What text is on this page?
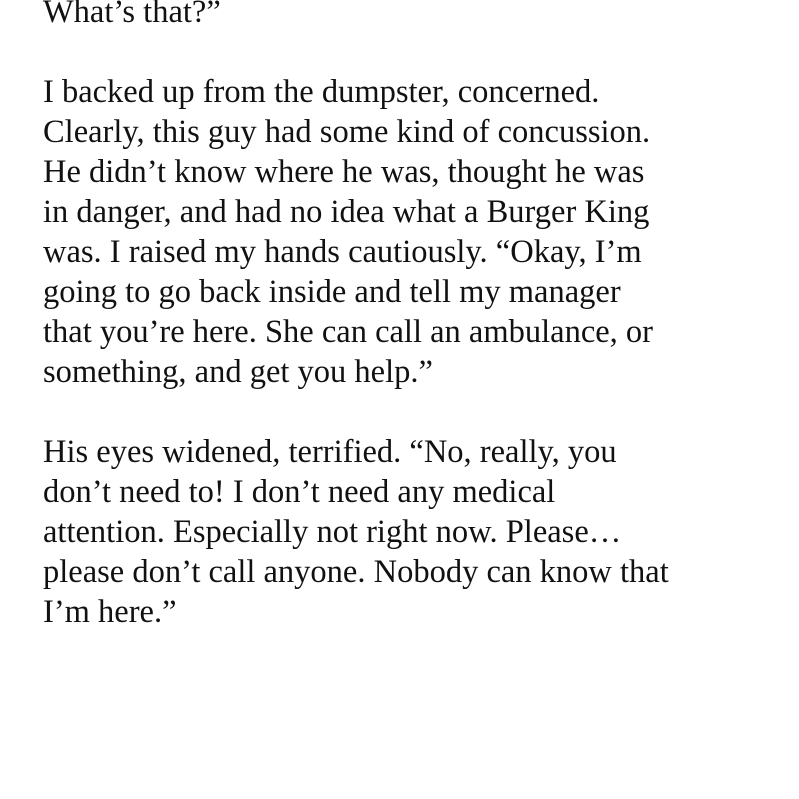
What’s that?”
I backed up from the dumpster, concerned.
Clearly, this guy had some kind of concussion.
He didn’t know where he was, thought he was
in danger, and had no idea what a Burger King
was. I raised my hands cautiously. “Okay, I’m
going to go back inside and tell my manager
that you’re here. She can call an ambulance, or
something, and get you help.”
His eyes widened, terrified. “No, really, you
don’t need to! I don’t need any medical
attention. Especially not right now. Please…
please don’t call anyone. Nobody can know that
I’m here.”
